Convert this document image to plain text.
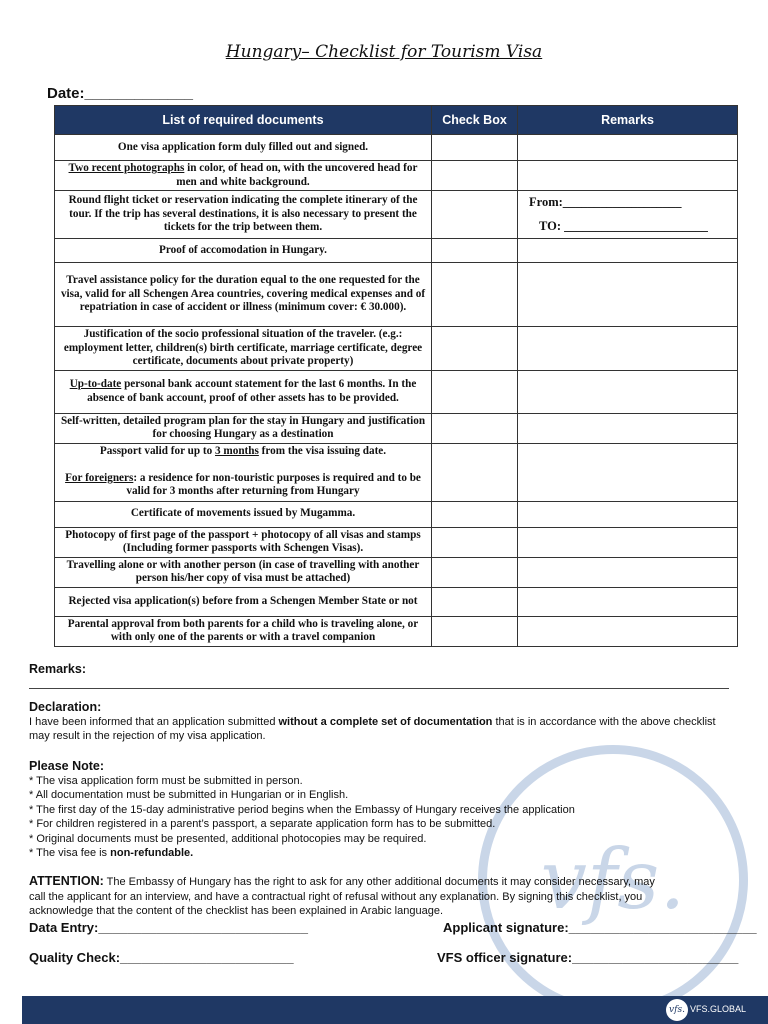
vfs.
Hungary– Checklist for Tourism Visa
Date:_____________
List of required documents	Check Box	Remarks
One visa application form duly filled out and signed.		
Two recent photographs in color, of head on, with the uncovered head for men and white background.		
Round flight ticket or reservation indicating the complete itinerary of the tour. If the trip has several destinations, it is also necessary to present the tickets for the trip between them.		From:___________________
TO: _______________________

Proof of accomodation in Hungary.		
Travel assistance policy for the duration equal to the one requested for the visa, valid for all Schengen Area countries, covering medical expenses and of repatriation in case of accident or illness (minimum cover: € 30.000).		
Justification of the socio professional situation of the traveler. (e.g.: employment letter, children(s) birth certificate, marriage certificate, degree certificate, documents about private property)		
Up-to-date personal bank account statement for the last 6 months. In the absence of bank account, proof of other assets has to be provided.		
Self-written, detailed program plan for the stay in Hungary and justification for choosing Hungary as a destination		

Passport valid for up to 3 months from the visa issuing date.
For foreigners: a residence for non-touristic purposes is required and to be valid for 3 months after returning from Hungary		

Certificate of movements issued by Mugamma.		
Photocopy of first page of the passport + photocopy of all visas and stamps (Including former passports with Schengen Visas).		
Travelling alone or with another person (in case of travelling with another person his/her copy of visa must be attached)		
Rejected visa application(s) before from a Schengen Member State or not		
Parental approval from both parents for a child who is traveling alone, or with only one of the parents or with a travel companion		
Remarks:
Declaration:
I have been informed that an application submitted without a complete set of documentation that is in accordance with the above checklist may result in the rejection of my visa application.
Please Note:
* The visa application form must be submitted in person.
* All documentation must be submitted in Hungarian or in English.
* The first day of the 15-day administrative period begins when the Embassy of Hungary receives the application
* For children registered in a parent’s passport, a separate application form has to be submitted.
* Original documents must be presented, additional photocopies may be required.
* The visa fee is non-refundable.
ATTENTION: The Embassy of Hungary has the right to ask for any other additional documents it may consider necessary, may call the applicant for an interview, and have a contractual right of refusal without any explanation. By signing this checklist, you acknowledge that the content of the checklist has been explained in Arabic language.
Data Entry:_____________________________	Applicant signature:__________________________
Quality Check:________________________	VFS officer signature:_______________________
vfs. VFS.GLOBAL
